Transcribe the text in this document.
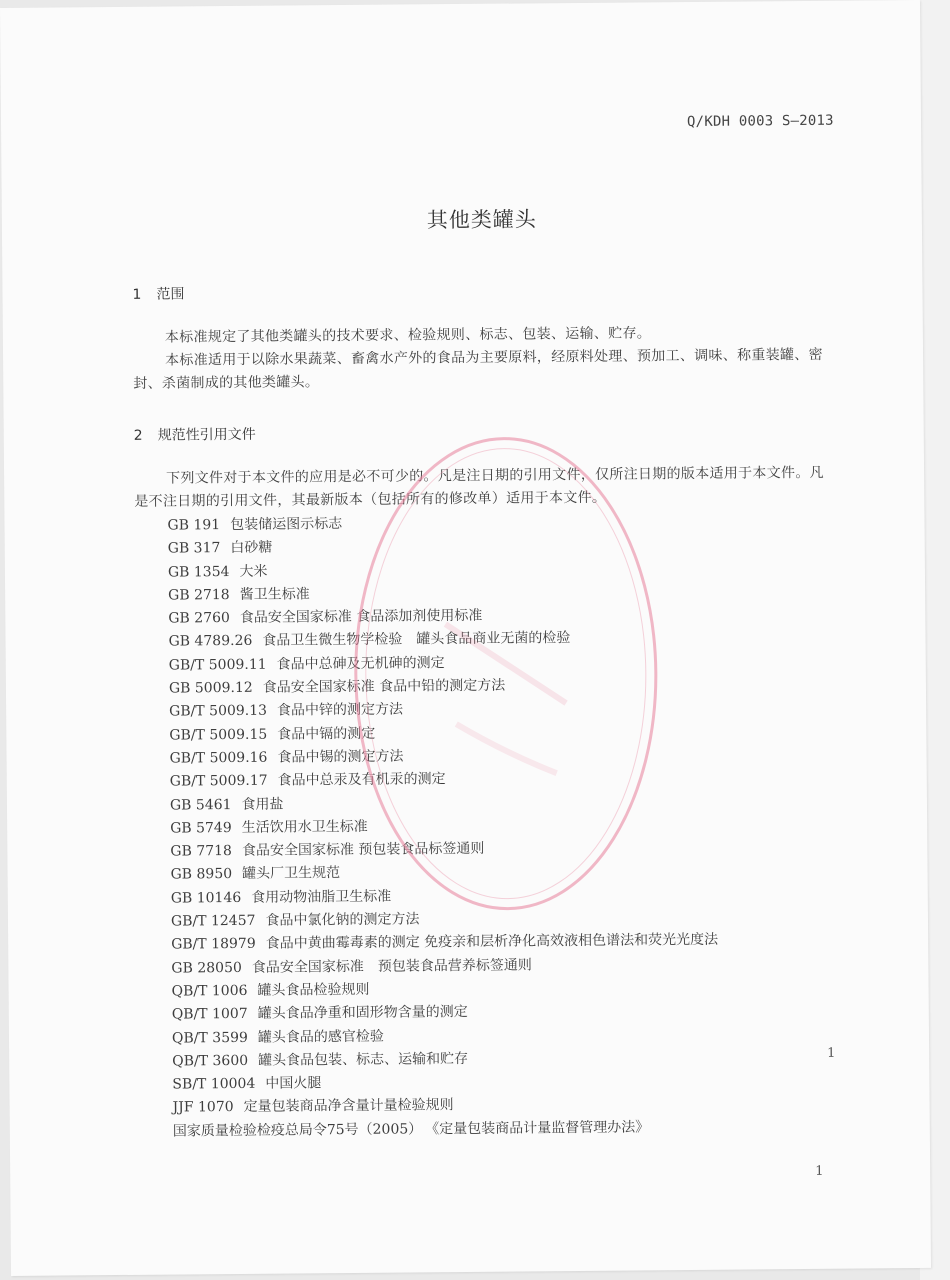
Q/KDH 0003 S—2013
其他类罐头
1 范围
本标准规定了其他类罐头的技术要求、检验规则、标志、包装、运输、贮存。
本标准适用于以除水果蔬菜、畜禽水产外的食品为主要原料，经原料处理、预加工、调味、称重装罐、密封、杀菌制成的其他类罐头。
2 规范性引用文件
下列文件对于本文件的应用是必不可少的。凡是注日期的引用文件，仅所注日期的版本适用于本文件。凡是不注日期的引用文件，其最新版本（包括所有的修改单）适用于本文件。
GB 191 包装储运图示标志
GB 317 白砂糖
GB 1354 大米
GB 2718 酱卫生标准
GB 2760 食品安全国家标准 食品添加剂使用标准
GB 4789.26 食品卫生微生物学检验　罐头食品商业无菌的检验
GB/T 5009.11 食品中总砷及无机砷的测定
GB 5009.12 食品安全国家标准 食品中铅的测定方法
GB/T 5009.13 食品中锌的测定方法
GB/T 5009.15 食品中镉的测定
GB/T 5009.16 食品中锡的测定方法
GB/T 5009.17 食品中总汞及有机汞的测定
GB 5461 食用盐
GB 5749 生活饮用水卫生标准
GB 7718 食品安全国家标准 预包装食品标签通则
GB 8950 罐头厂卫生规范
GB 10146 食用动物油脂卫生标准
GB/T 12457 食品中氯化钠的测定方法
GB/T 18979 食品中黄曲霉毒素的测定 免疫亲和层析净化高效液相色谱法和荧光光度法
GB 28050 食品安全国家标准　预包装食品营养标签通则
QB/T 1006 罐头食品检验规则
QB/T 1007 罐头食品净重和固形物含量的测定
QB/T 3599 罐头食品的感官检验
QB/T 3600 罐头食品包装、标志、运输和贮存
SB/T 10004 中国火腿
JJF 1070 定量包装商品净含量计量检验规则
国家质量检验检疫总局令75号（2005） 《定量包装商品计量监督管理办法》
1
1
